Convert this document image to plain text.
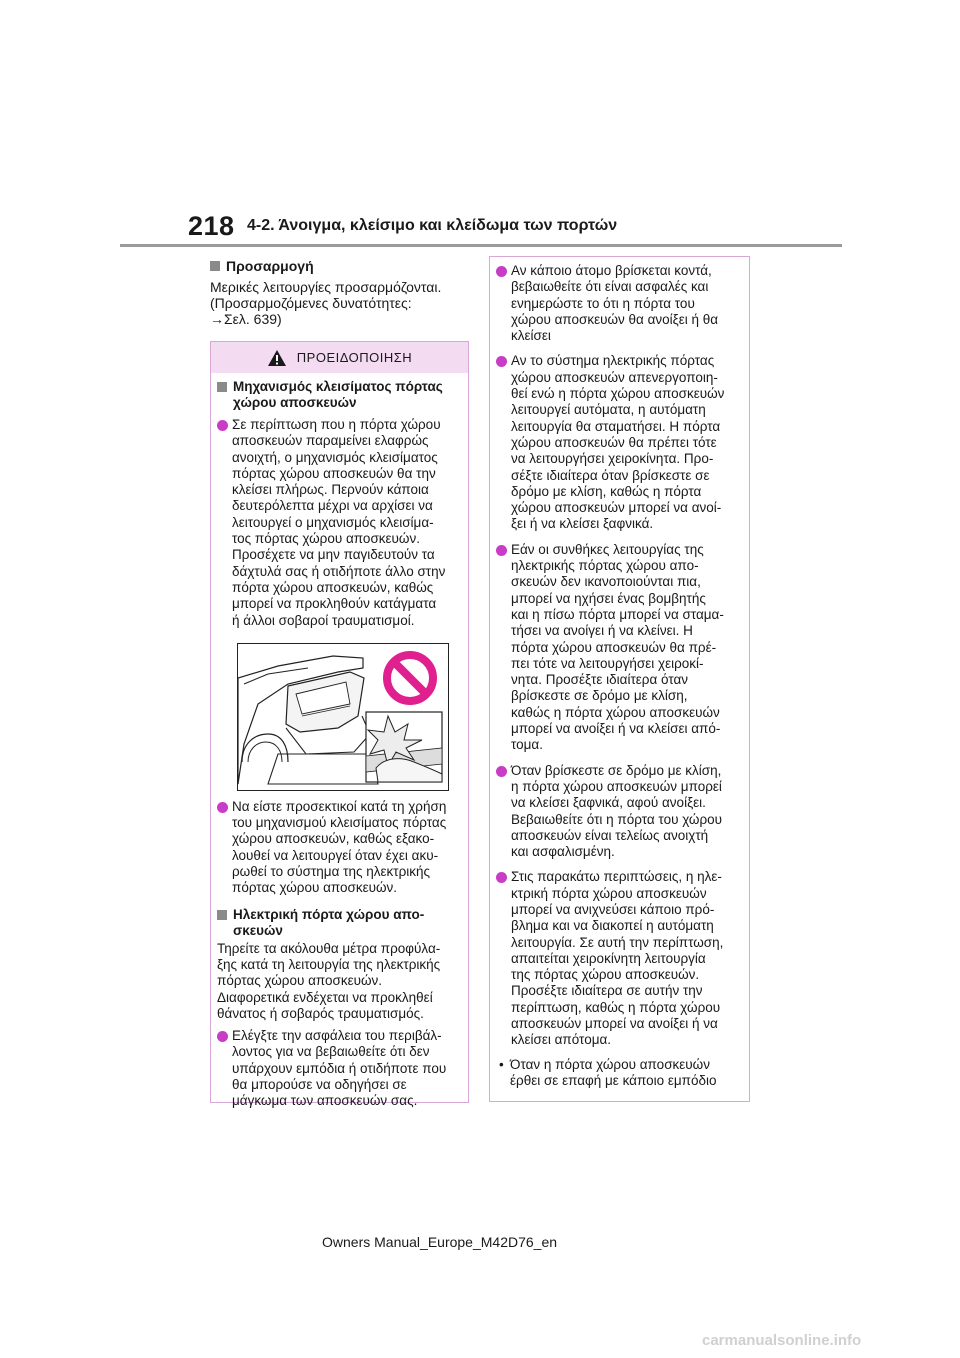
218 4-2. Άνοιγμα, κλείσιμο και κλείδωμα των πορτών
Προσαρμογή

Μερικές λειτουργίες προσαρμόζονται.
(Προσαρμοζόμενες δυνατότητες:
→Σελ. 639)

ΠΡΟΕΙΔΟΠΟΙΗΣΗ
Μηχανισμός κλεισίματος πόρτας χώρου αποσκευών
Σε περίπτωση που η πόρτα χώρου
αποσκευών παραμείνει ελαφρώς
ανοιχτή, ο μηχανισμός κλεισίματος
πόρτας χώρου αποσκευών θα την
κλείσει πλήρως. Περνούν κάποια
δευτερόλεπτα μέχρι να αρχίσει να
λειτουργεί ο μηχανισμός κλεισίμα-
τος πόρτας χώρου αποσκευών.
Προσέχετε να μην παγιδευτούν τα
δάχτυλά σας ή οτιδήποτε άλλο στην
πόρτα χώρου αποσκευών, καθώς
μπορεί να προκληθούν κατάγματα
ή άλλοι σοβαροί τραυματισμοί.
Να είστε προσεκτικοί κατά τη χρήση
του μηχανισμού κλεισίματος πόρτας
χώρου αποσκευών, καθώς εξακο-
λουθεί να λειτουργεί όταν έχει ακυ-
ρωθεί το σύστημα της ηλεκτρικής
πόρτας χώρου αποσκευών.
Ηλεκτρική πόρτα χώρου απο-σκευών
Τηρείτε τα ακόλουθα μέτρα προφύλα-
ξης κατά τη λειτουργία της ηλεκτρικής
πόρτας χώρου αποσκευών.
Διαφορετικά ενδέχεται να προκληθεί
θάνατος ή σοβαρός τραυματισμός.
Ελέγξτε την ασφάλεια του περιβάλ-
λοντος για να βεβαιωθείτε ότι δεν
υπάρχουν εμπόδια ή οτιδήποτε που
θα μπορούσε να οδηγήσει σε
μάγκωμα των αποσκευών σας.
Αν κάποιο άτομο βρίσκεται κοντά,
βεβαιωθείτε ότι είναι ασφαλές και
ενημερώστε το ότι η πόρτα του
χώρου αποσκευών θα ανοίξει ή θα
κλείσει
Αν το σύστημα ηλεκτρικής πόρτας
χώρου αποσκευών απενεργοποιη-
θεί ενώ η πόρτα χώρου αποσκευών
λειτουργεί αυτόματα, η αυτόματη
λειτουργία θα σταματήσει. Η πόρτα
χώρου αποσκευών θα πρέπει τότε
να λειτουργήσει χειροκίνητα. Προ-
σέξτε ιδιαίτερα όταν βρίσκεστε σε
δρόμο με κλίση, καθώς η πόρτα
χώρου αποσκευών μπορεί να ανοί-
ξει ή να κλείσει ξαφνικά.
Εάν οι συνθήκες λειτουργίας της
ηλεκτρικής πόρτας χώρου απο-
σκευών δεν ικανοποιούνται πια,
μπορεί να ηχήσει ένας βομβητής
και η πίσω πόρτα μπορεί να σταμα-
τήσει να ανοίγει ή να κλείνει. Η
πόρτα χώρου αποσκευών θα πρέ-
πει τότε να λειτουργήσει χειροκί-
νητα. Προσέξτε ιδιαίτερα όταν
βρίσκεστε σε δρόμο με κλίση,
καθώς η πόρτα χώρου αποσκευών
μπορεί να ανοίξει ή να κλείσει από-
τομα.
Όταν βρίσκεστε σε δρόμο με κλίση,
η πόρτα χώρου αποσκευών μπορεί
να κλείσει ξαφνικά, αφού ανοίξει.
Βεβαιωθείτε ότι η πόρτα του χώρου
αποσκευών είναι τελείως ανοιχτή
και ασφαλισμένη.
Στις παρακάτω περιπτώσεις, η ηλε-
κτρική πόρτα χώρου αποσκευών
μπορεί να ανιχνεύσει κάποιο πρό-
βλημα και να διακοπεί η αυτόματη
λειτουργία. Σε αυτή την περίπτωση,
απαιτείται χειροκίνητη λειτουργία
της πόρτας χώρου αποσκευών.
Προσέξτε ιδιαίτερα σε αυτήν την
περίπτωση, καθώς η πόρτα χώρου
αποσκευών μπορεί να ανοίξει ή να
κλείσει απότομα.
• Όταν η πόρτα χώρου αποσκευών
έρθει σε επαφή με κάποιο εμπόδιο
Owners Manual_Europe_M42D76_en
carmanualsonline.info
